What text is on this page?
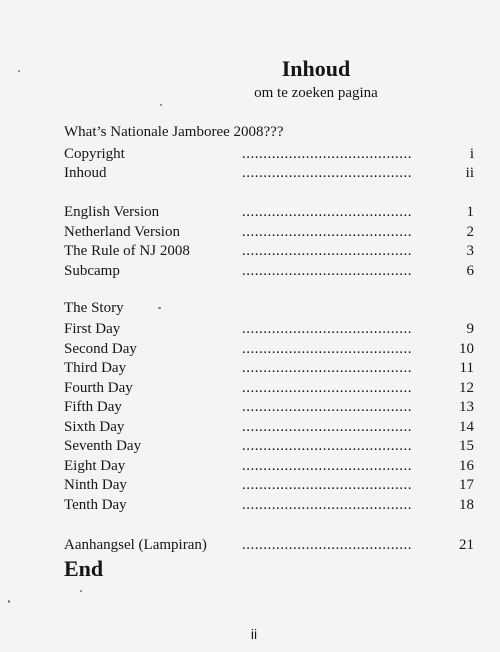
Inhoud
om te zoeken pagina
What’s Nationale Jamboree 2008???
Copyright	........................................	i
Inhoud	........................................	ii
English Version	........................................	1
Netherland Version	........................................	2
The Rule of NJ 2008	........................................	3
Subcamp	........................................	6
The Story
First Day	........................................	9
Second Day	........................................	10
Third Day	........................................	11
Fourth Day	........................................	12
Fifth Day	........................................	13
Sixth Day	........................................	14
Seventh Day	........................................	15
Eight Day	........................................	16
Ninth Day	........................................	17
Tenth Day	........................................	18
Aanhangsel (Lampiran) ........................................	21
End
ii
